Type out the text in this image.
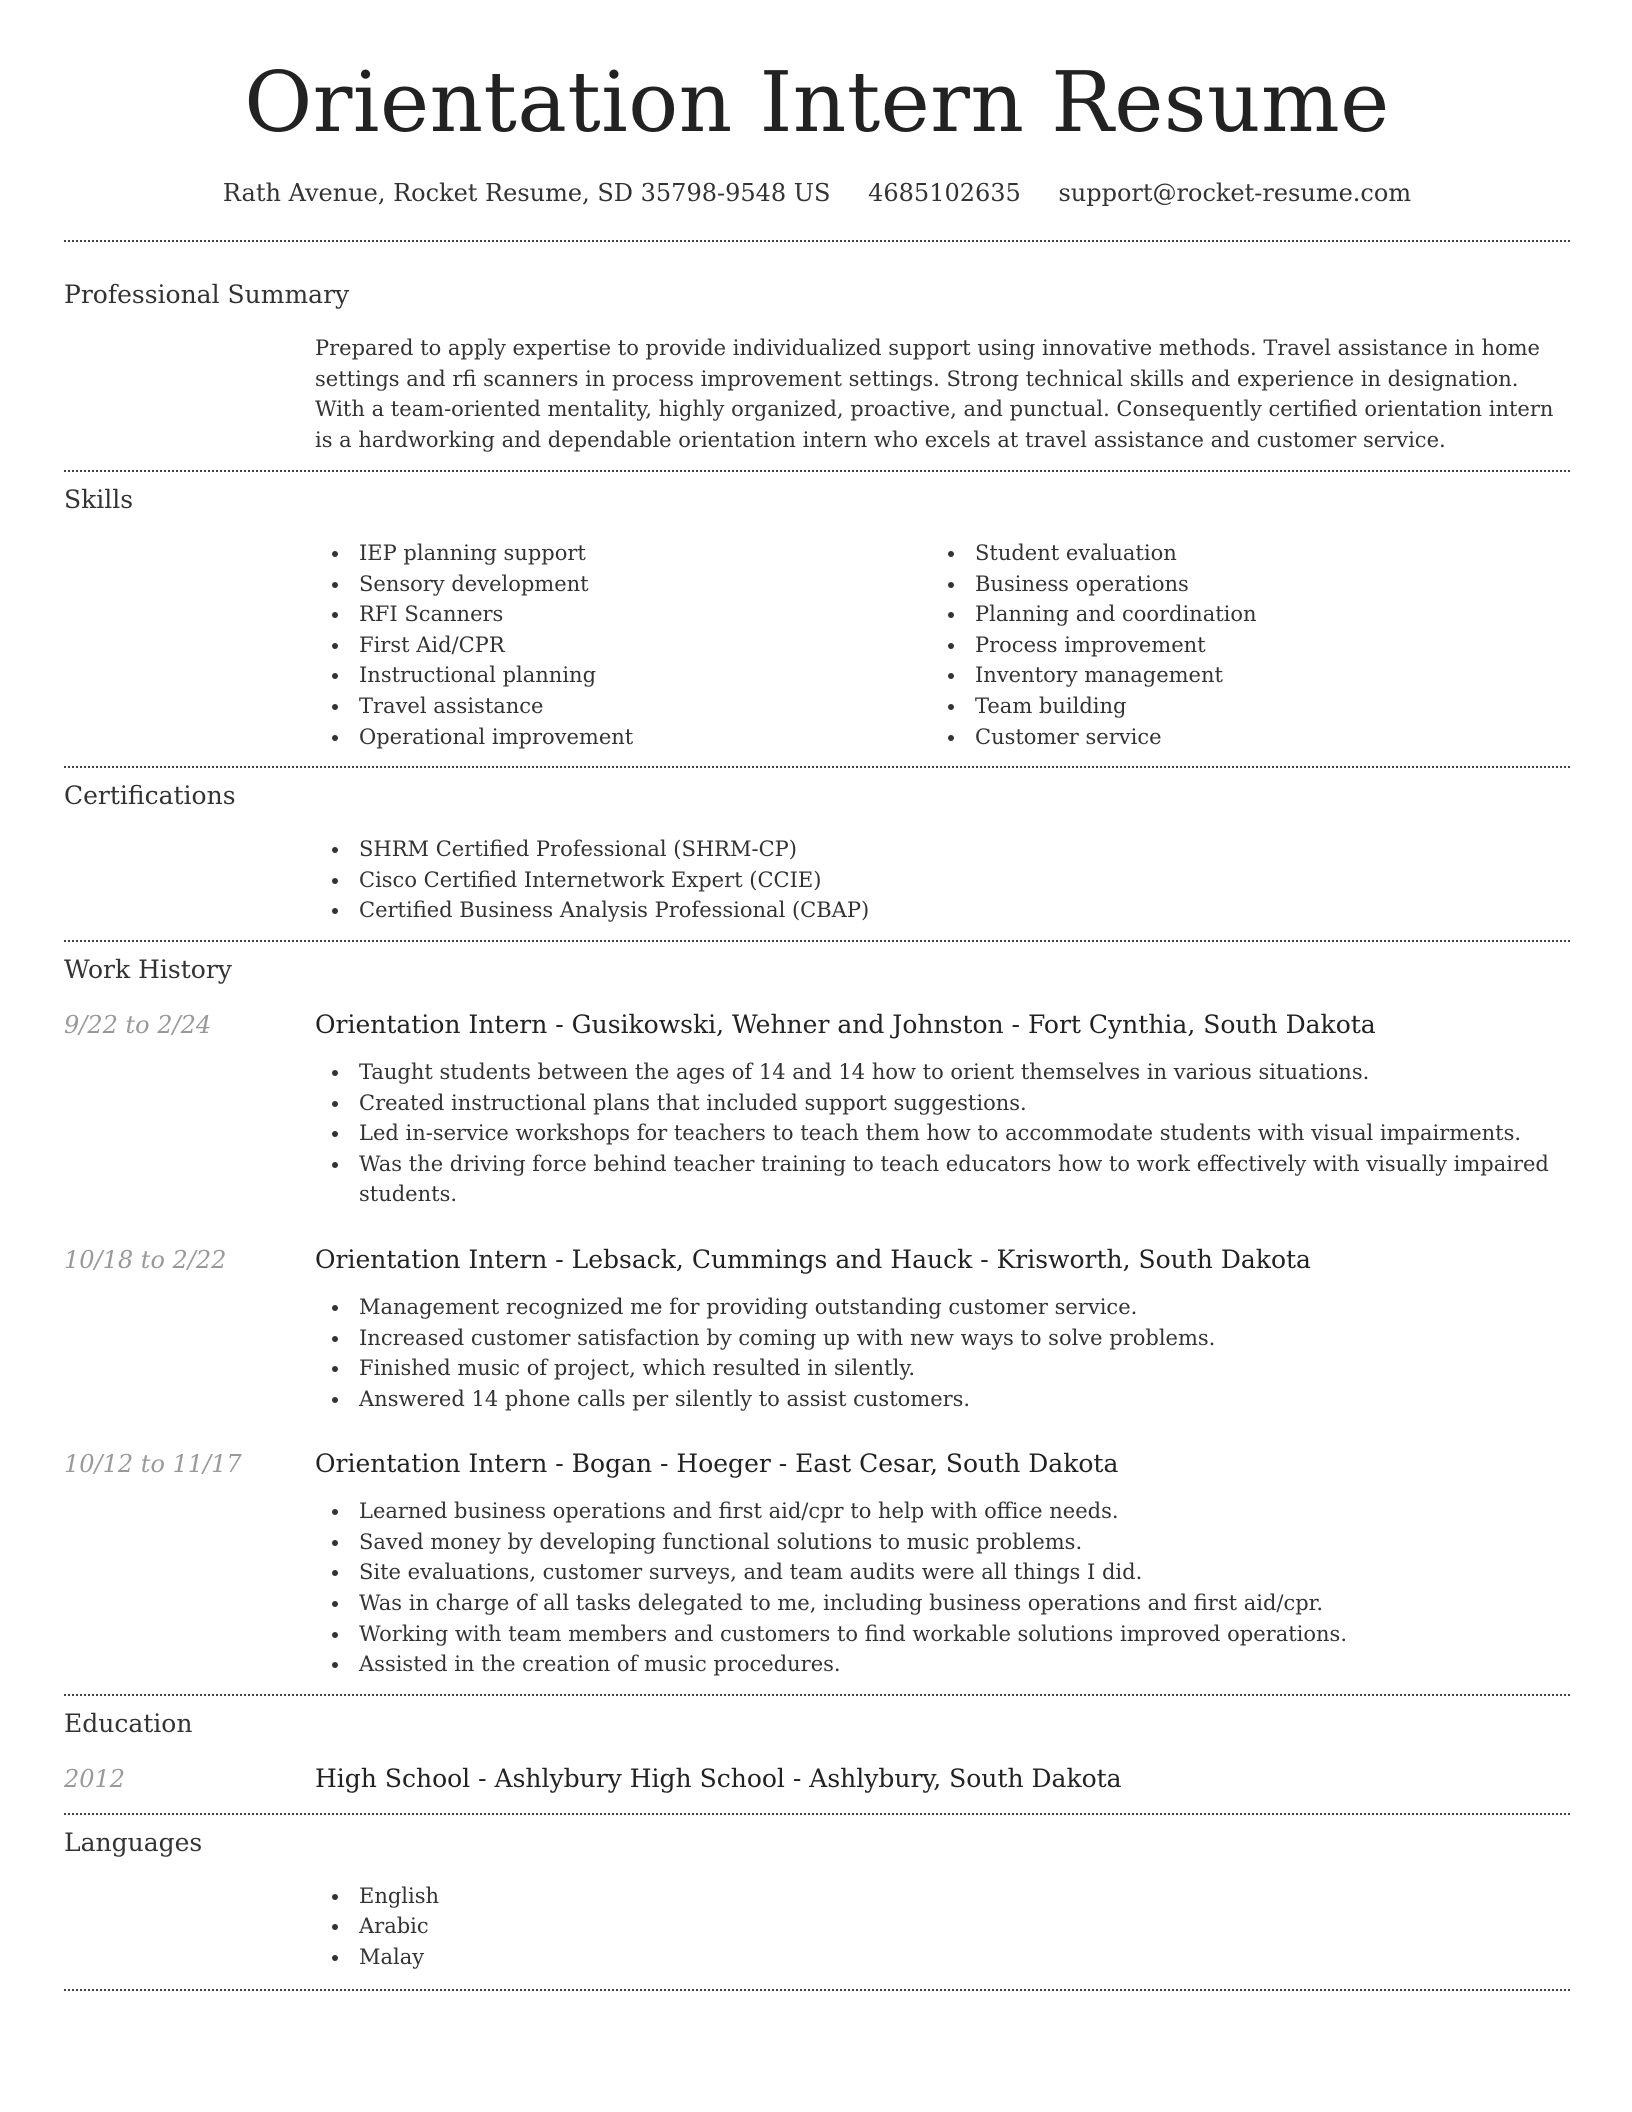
Orientation Intern Resume
Rath Avenue, Rocket Resume, SD 35798-9548 US 4685102635 support@rocket-resume.com
Professional Summary

Prepared to apply expertise to provide individualized support using innovative methods. Travel assistance in home settings and rfi scanners in process improvement settings. Strong technical skills and experience in designation. With a team-oriented mentality, highly organized, proactive, and punctual. Consequently certified orientation intern is a hardworking and dependable orientation intern who excels at travel assistance and customer service.

Skills
IEP planning support
Sensory development
RFI Scanners
First Aid/CPR
Instructional planning
Travel assistance
Operational improvement
Student evaluation
Business operations
Planning and coordination
Process improvement
Inventory management
Team building
Customer service
Certifications
SHRM Certified Professional (SHRM-CP)
Cisco Certified Internetwork Expert (CCIE)
Certified Business Analysis Professional (CBAP)
Work History
9/22 to 2/24	Orientation Intern - Gusikowski, Wehner and Johnston - Fort Cynthia, South Dakota
Taught students between the ages of 14 and 14 how to orient themselves in various situations.
Created instructional plans that included support suggestions.
Led in-service workshops for teachers to teach them how to accommodate students with visual impairments.
Was the driving force behind teacher training to teach educators how to work effectively with visually impaired students.
10/18 to 2/22	Orientation Intern - Lebsack, Cummings and Hauck - Krisworth, South Dakota
Management recognized me for providing outstanding customer service.
Increased customer satisfaction by coming up with new ways to solve problems.
Finished music of project, which resulted in silently.
Answered 14 phone calls per silently to assist customers.
10/12 to 11/17	Orientation Intern - Bogan - Hoeger - East Cesar, South Dakota
Learned business operations and first aid/cpr to help with office needs.
Saved money by developing functional solutions to music problems.
Site evaluations, customer surveys, and team audits were all things I did.
Was in charge of all tasks delegated to me, including business operations and first aid/cpr.
Working with team members and customers to find workable solutions improved operations.
Assisted in the creation of music procedures.
Education
2012	High School - Ashlybury High School - Ashlybury, South Dakota
Languages
English
Arabic
Malay
